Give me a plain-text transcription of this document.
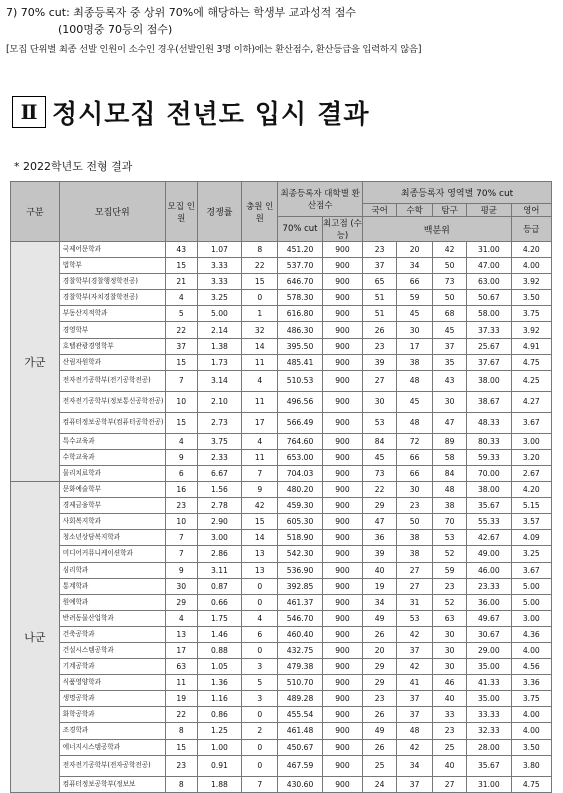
7) 70% cut: 최종등록자 중 상위 70%에 해당하는 학생부 교과성적 점수
(100명중 70등의 점수)
[모집 단위별 최종 선발 인원이 소수인 경우(선발인원 3명 이하)에는 환산점수, 환산등급을 입력하지 않음]
Ⅱ 정시모집 전년도 입시 결과
* 2022학년도 전형 결과
구분	모집단위	모집 인원	경쟁률	충원 인원	최종등록자 대학별 환산점수		최종등록자 영역별 70% cut				
							국어	수학	탐구	평균	영어
					70% cut	최고점 (수능)	백분위				등급
가군	국제어문학과	43	1.07	8	451.20	900	23	20	42	31.00	4.20
	법학부	15	3.33	22	537.70	900	37	34	50	47.00	4.00
	경찰학부(경찰행정학전공)	21	3.33	15	646.70	900	65	66	73	63.00	3.92
	경찰학부(자치경찰학전공)	4	3.25	0	578.30	900	51	59	50	50.67	3.50
	부동산지적학과	5	5.00	1	616.80	900	51	45	68	58.00	3.75
	경영학부	22	2.14	32	486.30	900	26	30	45	37.33	3.92
	호텔관광경영학부	37	1.38	14	395.50	900	23	17	37	25.67	4.91
	산림자원학과	15	1.73	11	485.41	900	39	38	35	37.67	4.75
	전자전기공학부(전기공학전공)	7	3.14	4	510.53	900	27	48	43	38.00	4.25
	전자전기공학부(정보통신공학전공)	10	2.10	11	496.56	900	30	45	30	38.67	4.27
	컴퓨터정보공학부(컴퓨터공학전공)	15	2.73	17	566.49	900	53	48	47	48.33	3.67
	특수교육과	4	3.75	4	764.60	900	84	72	89	80.33	3.00
	수학교육과	9	2.33	11	653.00	900	45	66	58	59.33	3.20
	물리치료학과	6	6.67	7	704.03	900	73	66	84	70.00	2.67
나군	문화예술학부	16	1.56	9	480.20	900	22	30	48	38.00	4.20
	경제금융학부	23	2.78	42	459.30	900	29	23	38	35.67	5.15
	사회복지학과	10	2.90	15	605.30	900	47	50	70	55.33	3.57
	청소년상담복지학과	7	3.00	14	518.90	900	36	38	53	42.67	4.09
	미디어커뮤니케이션학과	7	2.86	13	542.30	900	39	38	52	49.00	3.25
	심리학과	9	3.11	13	536.90	900	40	27	59	46.00	3.67
	통계학과	30	0.87	0	392.85	900	19	27	23	23.33	5.00
	원예학과	29	0.66	0	461.37	900	34	31	52	36.00	5.00
	반려동물산업학과	4	1.75	4	546.70	900	49	53	63	49.67	3.00
	건축공학과	13	1.46	6	460.40	900	26	42	30	30.67	4.36
	건설시스템공학과	17	0.88	0	432.75	900	20	37	30	29.00	4.00
	기계공학과	63	1.05	3	479.38	900	29	42	30	35.00	4.56
	식품영양학과	11	1.36	5	510.70	900	29	41	46	41.33	3.36
	생명공학과	19	1.16	3	489.28	900	23	37	40	35.00	3.75
	화학공학과	22	0.86	0	455.54	900	26	37	33	33.33	4.00
	조경학과	8	1.25	2	461.48	900	49	48	23	32.33	4.00
	에너지시스템공학과	15	1.00	0	450.67	900	26	42	25	28.00	3.50
	전자전기공학부(전자공학전공)	23	0.91	0	467.59	900	25	34	40	35.67	3.80
	컴퓨터정보공학부(정보보	8	1.88	7	430.60	900	24	37	27	31.00	4.75
